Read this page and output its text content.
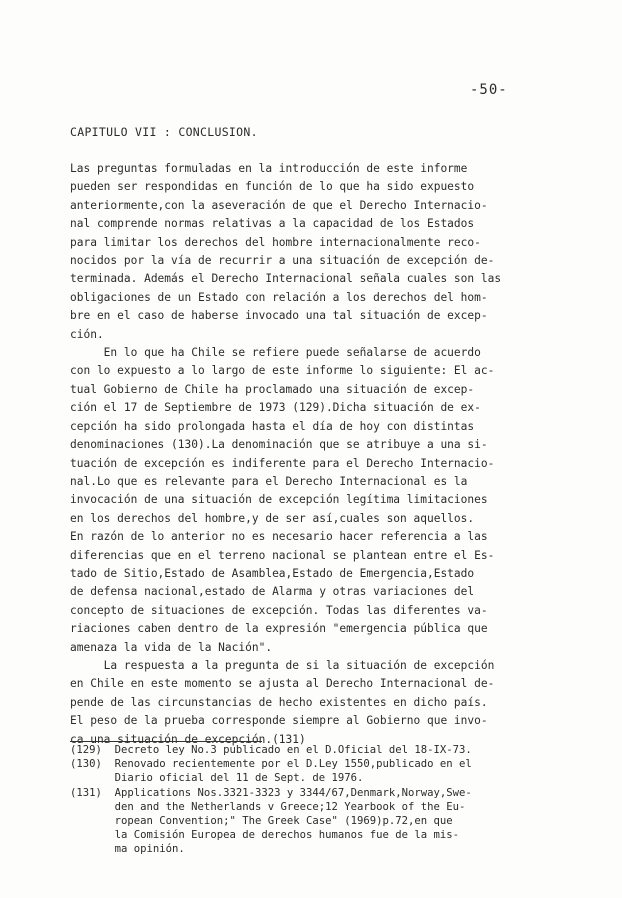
-50-
CAPITULO VII : CONCLUSION.
Las preguntas formuladas en la introducción de este informe
pueden ser respondidas en función de lo que ha sido expuesto
anteriormente,con la aseveración de que el Derecho Internacio-
nal comprende normas relativas a la capacidad de los Estados
para limitar los derechos del hombre internacionalmente reco-
nocidos por la vía de recurrir a una situación de excepción de-
terminada. Además el Derecho Internacional señala cuales son las
obligaciones de un Estado con relación a los derechos del hom-
bre en el caso de haberse invocado una tal situación de excep-
ción.
En lo que ha Chile se refiere puede señalarse de acuerdo
con lo expuesto a lo largo de este informe lo siguiente: El ac-
tual Gobierno de Chile ha proclamado una situación de excep-
ción el 17 de Septiembre de 1973 (129).Dicha situación de ex-
cepción ha sido prolongada hasta el día de hoy con distintas
denominaciones (130).La denominación que se atribuye a una si-
tuación de excepción es indiferente para el Derecho Internacio-
nal.Lo que es relevante para el Derecho Internacional es la
invocación de una situación de excepción legítima limitaciones
en los derechos del hombre,y de ser así,cuales son aquellos.
En razón de lo anterior no es necesario hacer referencia a las
diferencias que en el terreno nacional se plantean entre el Es-
tado de Sitio,Estado de Asamblea,Estado de Emergencia,Estado
de defensa nacional,estado de Alarma y otras variaciones del
concepto de situaciones de excepción. Todas las diferentes va-
riaciones caben dentro de la expresión "emergencia pública que
amenaza la vida de la Nación".
La respuesta a la pregunta de si la situación de excepción
en Chile en este momento se ajusta al Derecho Internacional de-
pende de las circunstancias de hecho existentes en dicho país.
El peso de la prueba corresponde siempre al Gobierno que invo-
ca una situación de excepción.(131)
(129)  Decreto ley No.3 publicado en el D.Oficial del 18-IX-73.
(130)  Renovado recientemente por el D.Ley 1550,publicado en el
Diario oficial del 11 de Sept. de 1976.
(131)  Applications Nos.3321-3323 y 3344/67,Denmark,Norway,Swe-
den and the Netherlands v Greece;12 Yearbook of the Eu-
ropean Convention;" The Greek Case" (1969)p.72,en que
la Comisión Europea de derechos humanos fue de la mis-
ma opinión.
